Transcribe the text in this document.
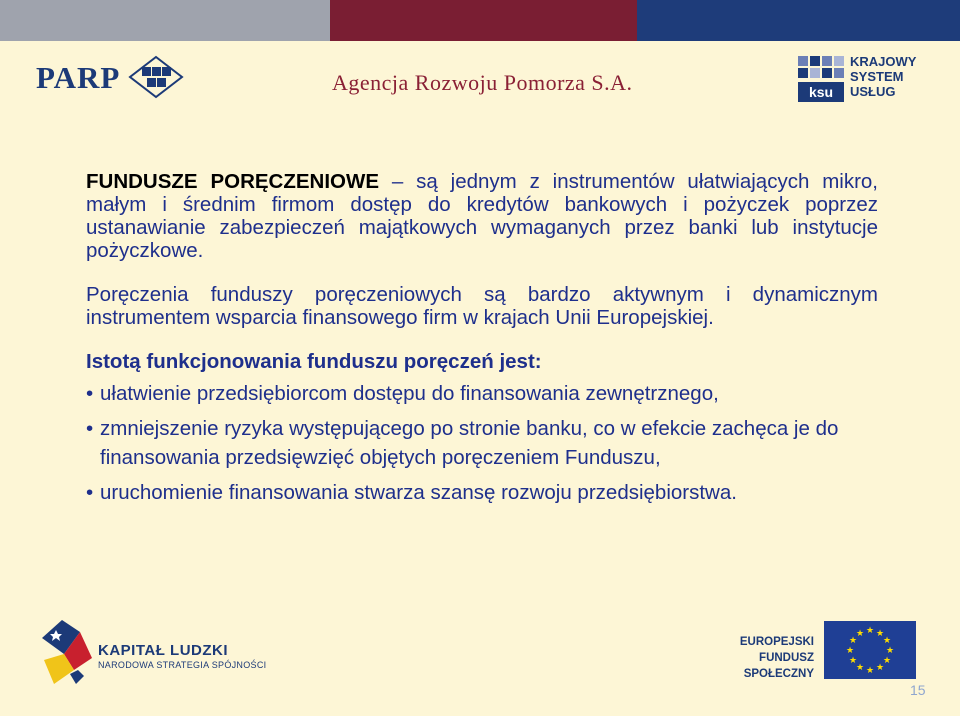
PARP	Agencja Rozwoju Pomorza S.A.	ksu
KRAJOWY
SYSTEM
USŁUG

FUNDUSZE PORĘCZENIOWE – są jednym z instrumentów ułatwiających mikro, małym i średnim firmom dostęp do kredytów bankowych i pożyczek poprzez ustanawianie zabezpieczeń majątkowych wymaganych przez banki lub instytucje pożyczkowe.

Poręczenia funduszy poręczeniowych są bardzo aktywnym i dynamicznym instrumentem wsparcia finansowego firm w krajach Unii Europejskiej.

Istotą funkcjonowania funduszu poręczeń jest:

• ułatwienie przedsiębiorcom dostępu do finansowania zewnętrznego,
• zmniejszenie ryzyka występującego po stronie banku, co w efekcie zachęca je do finansowania przedsięwzięć objętych poręczeniem Funduszu,
• uruchomienie finansowania stwarza szansę rozwoju przedsiębiorstwa.
KAPITAŁ LUDZKI
NARODOWA STRATEGIA SPÓJNOŚCI
EUROPEJSKI
FUNDUSZ SPOŁECZNY
★ ★
★
★
★
★
★
★
★
★
★
★
15
